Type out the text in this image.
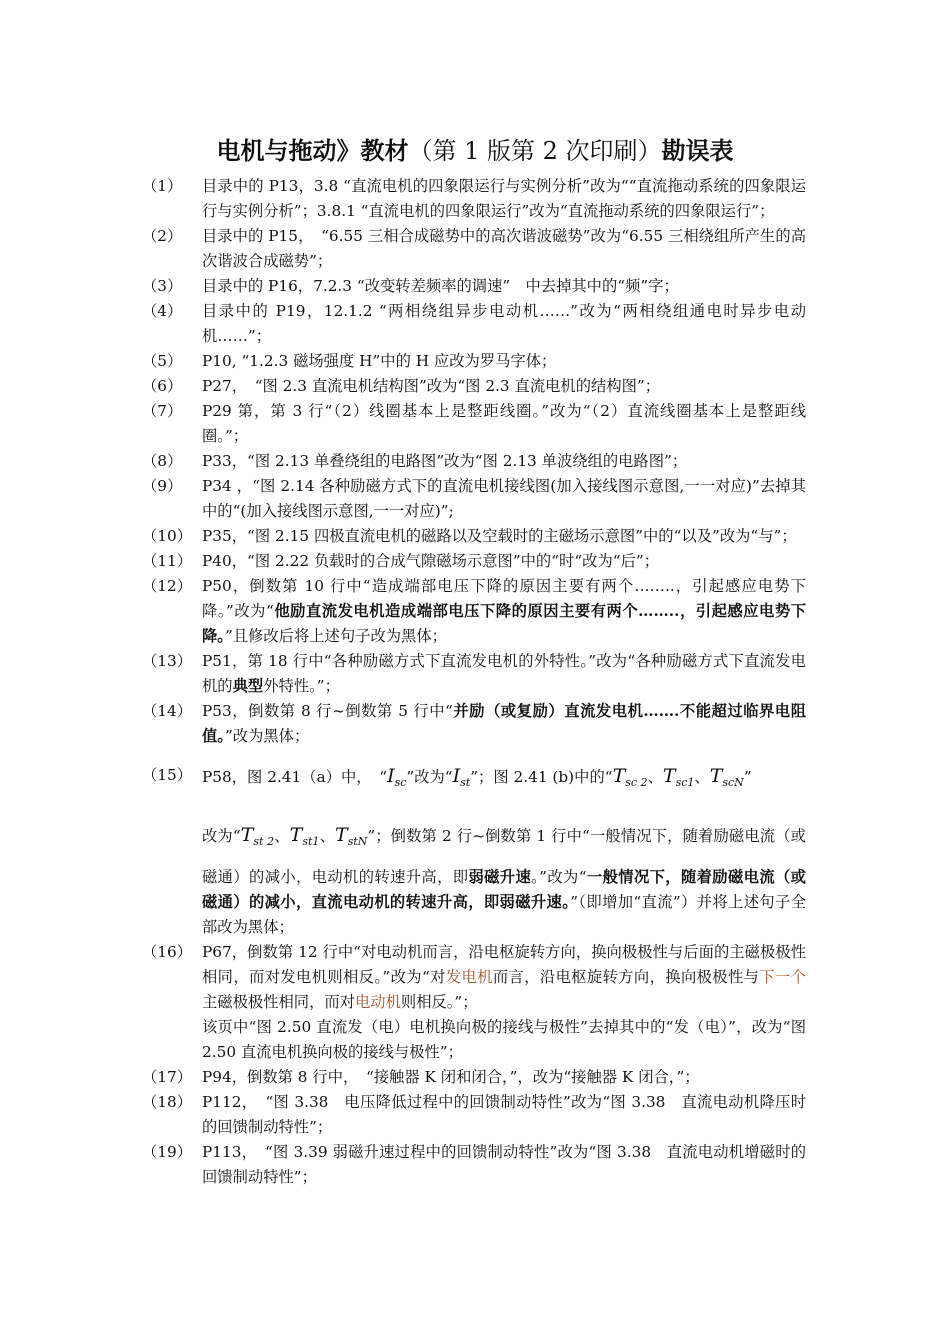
电机与拖动》教材（第 1 版第 2 次印刷）勘误表
（1）	目录中的 P13，3.8 “直流电机的四象限运行与实例分析”改为““直流拖动系统的四象限运行与实例分析”；3.8.1 “直流电机的四象限运行”改为“直流拖动系统的四象限运行”；
（2）	目录中的 P15，　“6.55 三相合成磁势中的高次谐波磁势”改为“6.55 三相绕组所产生的高次谐波合成磁势”；
（3）	目录中的 P16，7.2.3 “改变转差频率的调速”　中去掉其中的“频”字；
（4）	目录中的 P19，12.1.2 “两相绕组异步电动机……”改为“两相绕组通电时异步电动机……”；
（5）	P10, “1.2.3 磁场强度 H”中的 H 应改为罗马字体；
（6）	P27，　“图 2.3 直流电机结构图”改为“图 2.3 直流电机的结构图”；
（7）	P29 第，第 3 行“（2）线圈基本上是整距线圈。”改为“（2）直流线圈基本上是整距线圈。”；
（8）	P33，“图 2.13 单叠绕组的电路图”改为“图 2.13 单波绕组的电路图”；
（9）	P34 ，“图 2.14 各种励磁方式下的直流电机接线图(加入接线图示意图,一一对应)”去掉其中的“(加入接线图示意图,一一对应)”;
（10） P35，“图 2.15 四极直流电机的磁路以及空载时的主磁场示意图”中的“以及”改为“与”；
（11） P40，“图 2.22 负载时的合成气隙磁场示意图”中的“时“改为“后”；
（12） P50，倒数第 10 行中“造成端部电压下降的原因主要有两个……..，引起感应电势下降。”改为“他励直流发电机造成端部电压下降的原因主要有两个……..，引起感应电势下降。”且修改后将上述句子改为黑体；
（13） P51，第 18 行中“各种励磁方式下直流发电机的外特性。”改为“各种励磁方式下直流发电机的典型外特性。”；
（14） P53，倒数第 8 行~倒数第 5 行中“并励（或复励）直流发电机…….不能超过临界电阻值。”改为黑体；
（15） P58，图 2.41（a）中，　“$I_{sc}$”改为“$I_{st}$”；图 2.41 (b)中的“$T_{sc 2}$、$T_{sc1}$、$T_{scN}$”
改为“$T_{st 2}$、$T_{st1}$、$T_{stN}$”；倒数第 2 行~倒数第 1 行中“一般情况下，随着励磁电流（或磁通）的减小，电动机的转速升高，即弱磁升速。”改为“一般情况下，随着励磁电流（或磁通）的减小，直流电动机的转速升高，即弱磁升速。”（即增加“直流”）并将上述句子全部改为黑体；
（16） P67，倒数第 12 行中“对电动机而言，沿电枢旋转方向，换向极极性与后面的主磁极极性相同，而对发电机则相反。”改为“对发电机而言，沿电枢旋转方向，换向极极性与下一个主磁极极性相同，而对电动机则相反。”；
该页中“图 2.50 直流发（电）电机换向极的接线与极性”去掉其中的“发（电）”，改为“图 2.50 直流电机换向极的接线与极性”；
（17） P94，倒数第 8 行中，　“接触器 K 闭和闭合，”，改为“接触器 K 闭合，”；
（18） P112，　“图 3.38　电压降低过程中的回馈制动特性”改为“图 3.38　直流电动机降压时的回馈制动特性”；
（19） P113，　“图 3.39 弱磁升速过程中的回馈制动特性”改为“图 3.38　直流电动机增磁时的回馈制动特性”；
